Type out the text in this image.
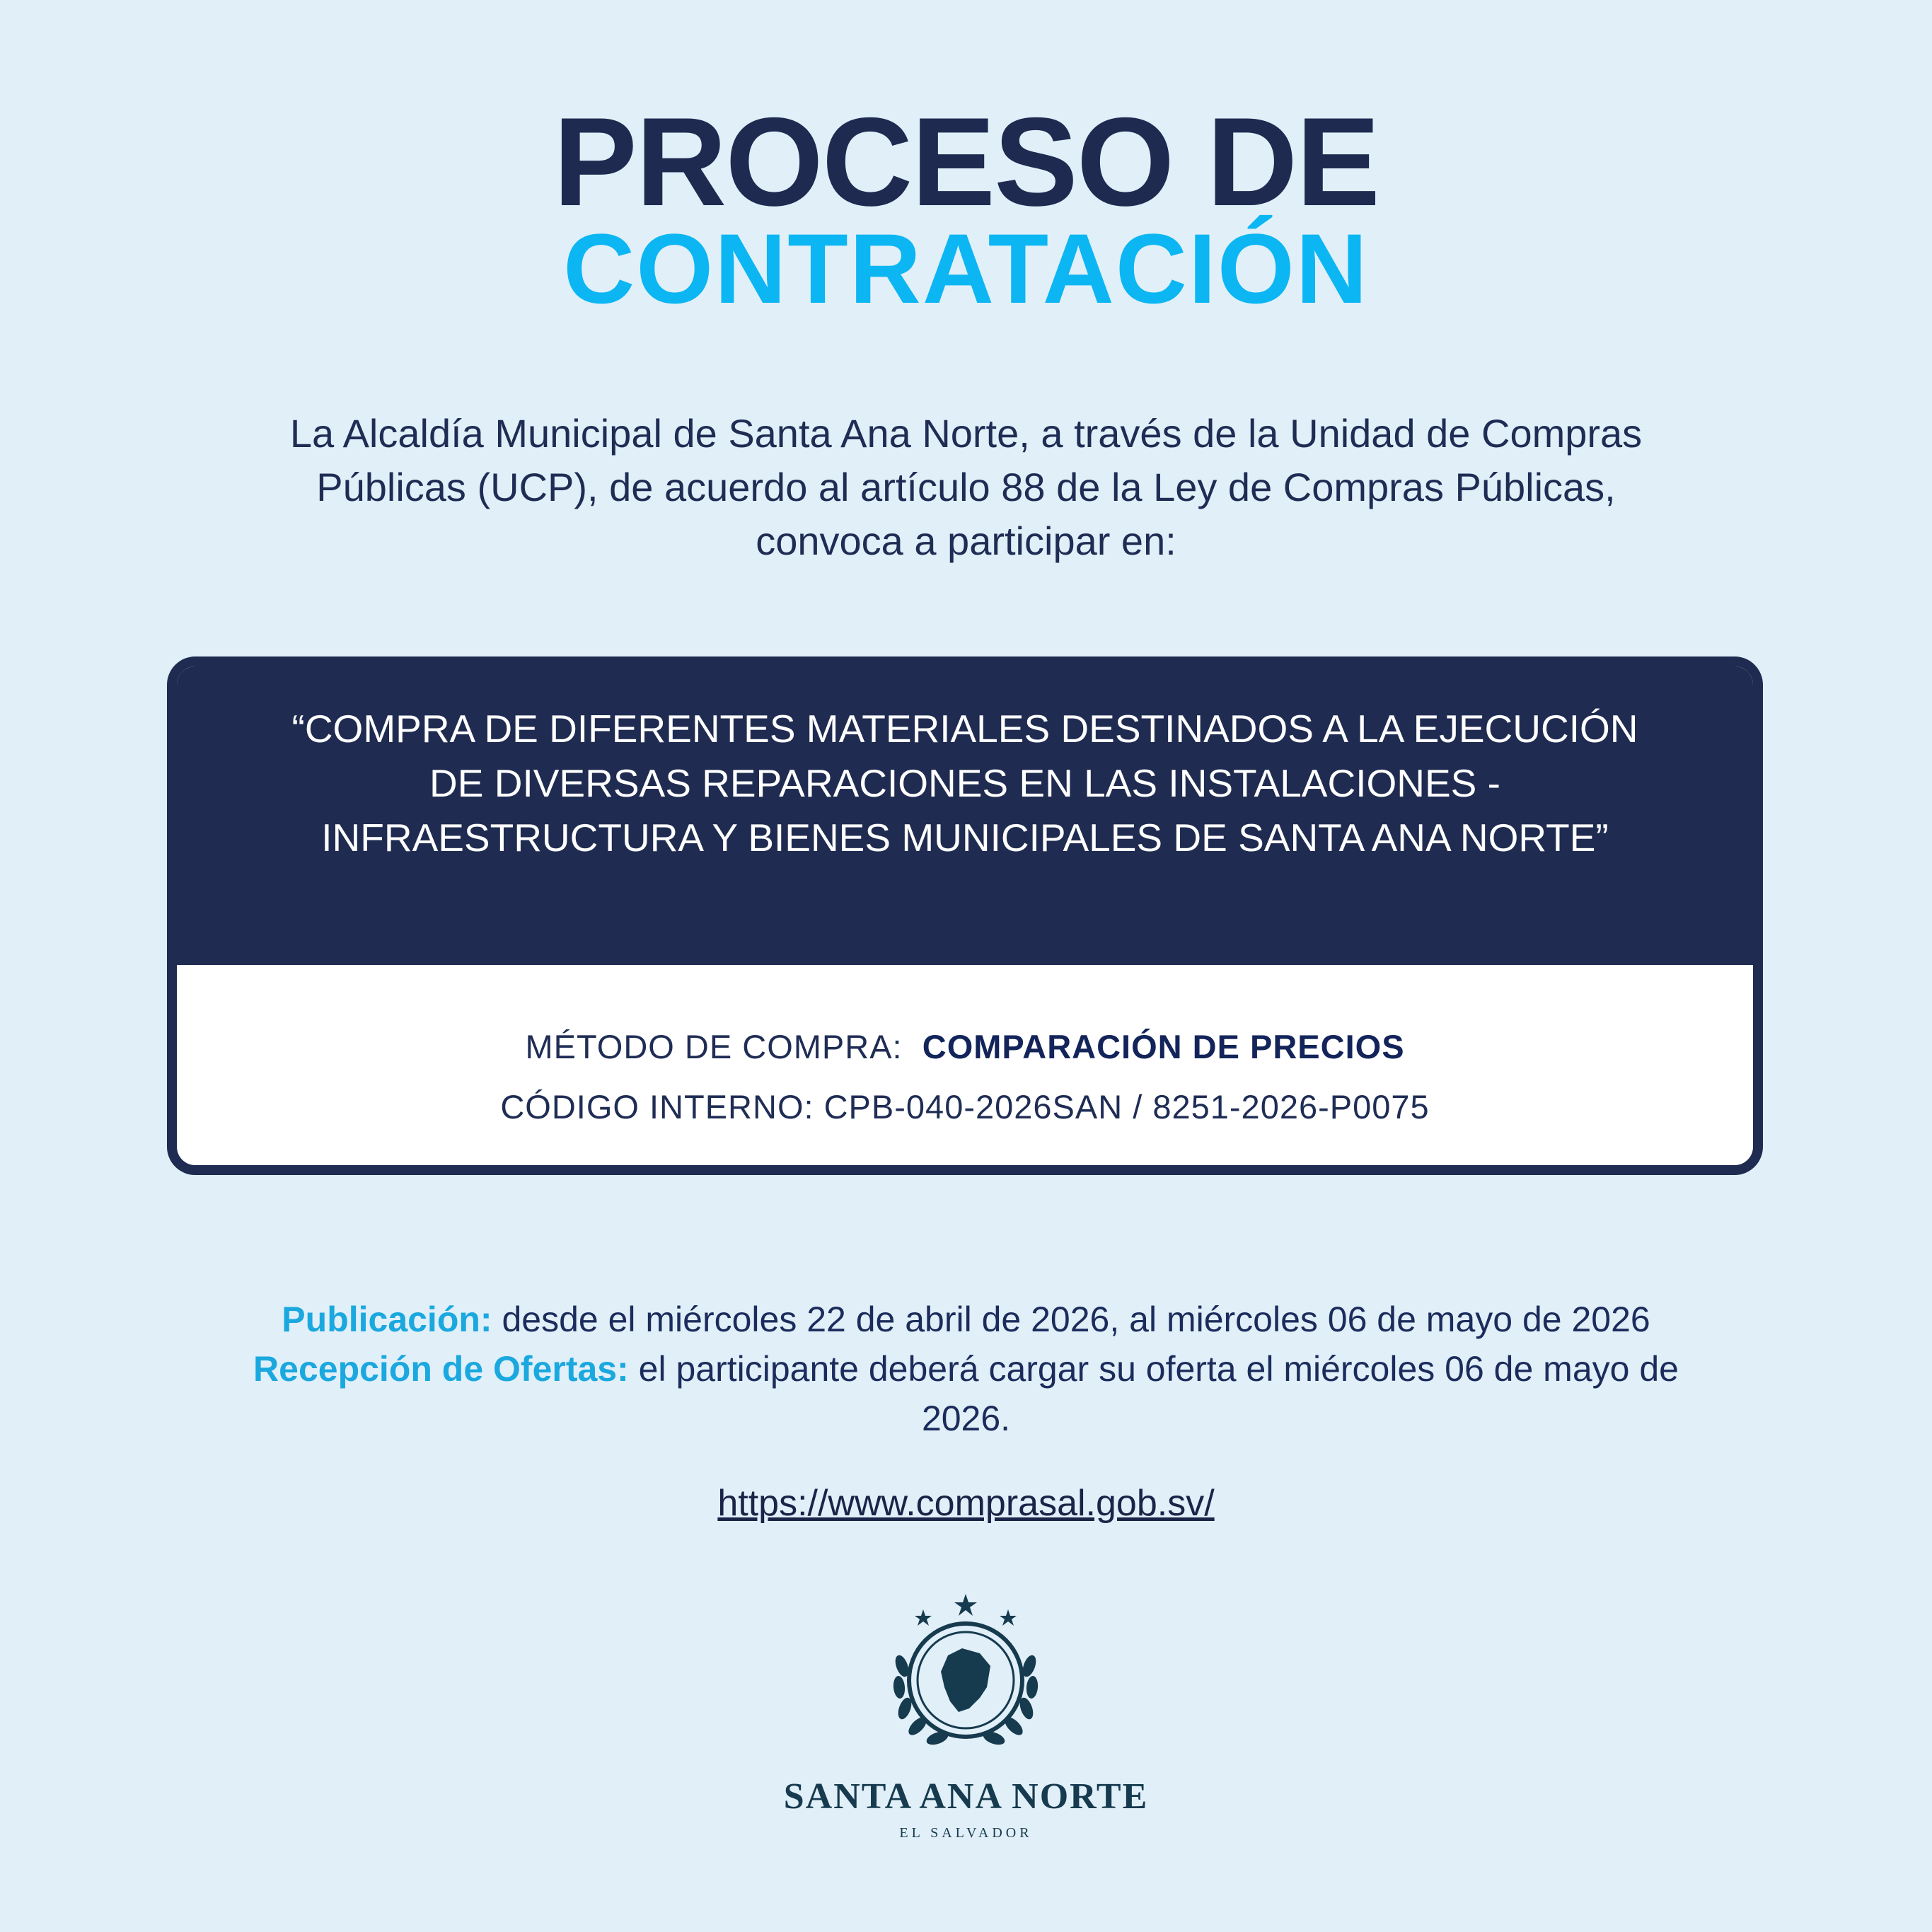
PROCESO DE
CONTRATACIÓN
La Alcaldía Municipal de Santa Ana Norte, a través de la Unidad de Compras Públicas (UCP), de acuerdo al artículo 88 de la Ley de Compras Públicas, convoca a participar en:
“COMPRA DE DIFERENTES MATERIALES DESTINADOS A LA EJECUCIÓN DE DIVERSAS REPARACIONES EN LAS INSTALACIONES - INFRAESTRUCTURA Y BIENES MUNICIPALES DE SANTA ANA NORTE”
MÉTODO DE COMPRA: COMPARACIÓN DE PRECIOS
CÓDIGO INTERNO: CPB-040-2026SAN / 8251-2026-P0075
Publicación: desde el miércoles 22 de abril de 2026, al miércoles 06 de mayo de 2026
Recepción de Ofertas: el participante deberá cargar su oferta el miércoles 06 de mayo de 2026.
https://www.comprasal.gob.sv/
SANTA ANA NORTE
EL SALVADOR
